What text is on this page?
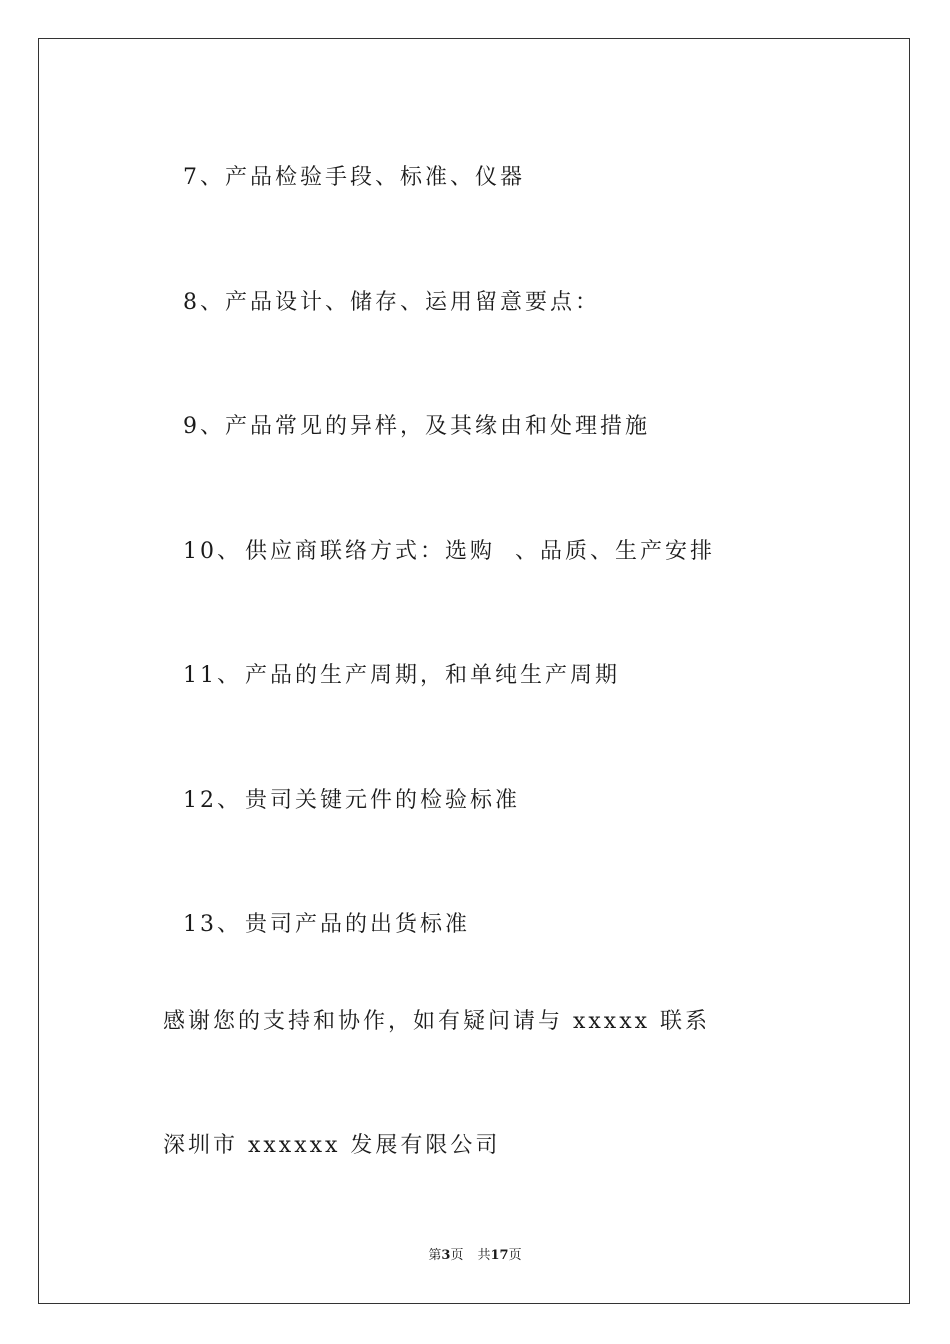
7、产品检验手段、标准、仪器

8、产品设计、储存、运用留意要点：

9、产品常见的异样，及其缘由和处理措施

10、 供应商联络方式：选购  、品质、生产安排

11、 产品的生产周期，和单纯生产周期

12、 贵司关键元件的检验标准

13、 贵司产品的出货标准

感谢您的支持和协作，如有疑问请与 xxxxx 联系
深圳市 xxxxxx 发展有限公司
第3页 共17页
